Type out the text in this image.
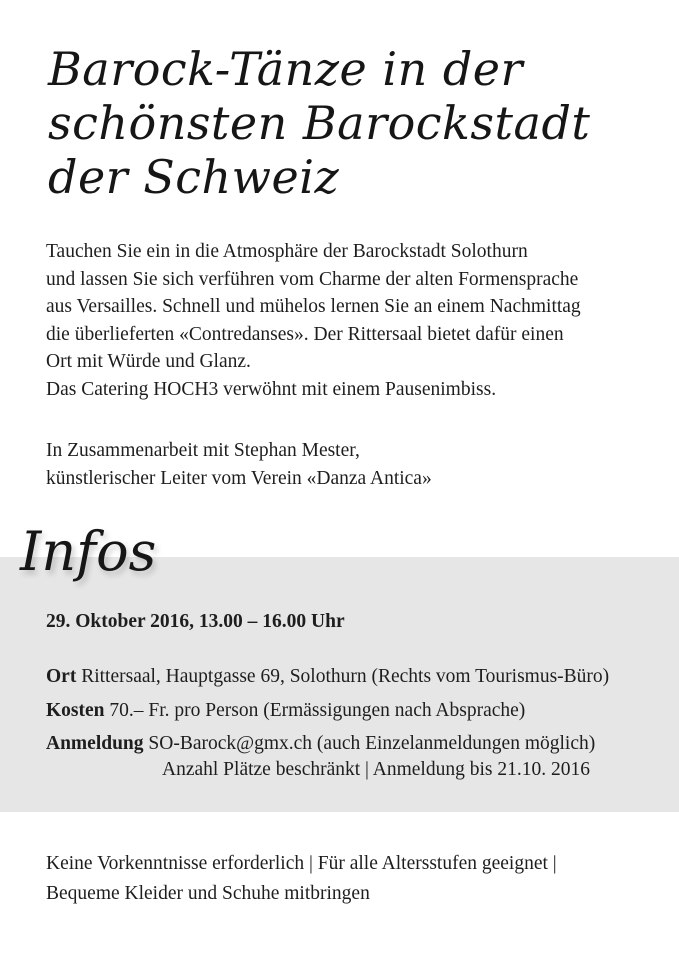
Barock-Tänze in der
schönsten Barockstadt
der Schweiz
Tauchen Sie ein in die Atmosphäre der Barockstadt Solothurn
und lassen Sie sich verführen vom Charme der alten Formensprache
aus Versailles. Schnell und mühelos lernen Sie an einem Nachmittag
die überlieferten «Contredanses». Der Rittersaal bietet dafür einen
Ort mit Würde und Glanz.
Das Catering HOCH3 verwöhnt mit einem Pausenimbiss.
In Zusammenarbeit mit Stephan Mester,
künstlerischer Leiter vom Verein «Danza Antica»
Infos
29. Oktober 2016, 13.00 – 16.00 Uhr
Ort Rittersaal, Hauptgasse 69, Solothurn (Rechts vom Tourismus-Büro)
Kosten 70.– Fr. pro Person (Ermässigungen nach Absprache)
Anmeldung SO-Barock@gmx.ch (auch Einzelanmeldungen möglich)
Anzahl Plätze beschränkt | Anmeldung bis 21.10. 2016
Keine Vorkenntnisse erforderlich | Für alle Altersstufen geeignet |
Bequeme Kleider und Schuhe mitbringen
